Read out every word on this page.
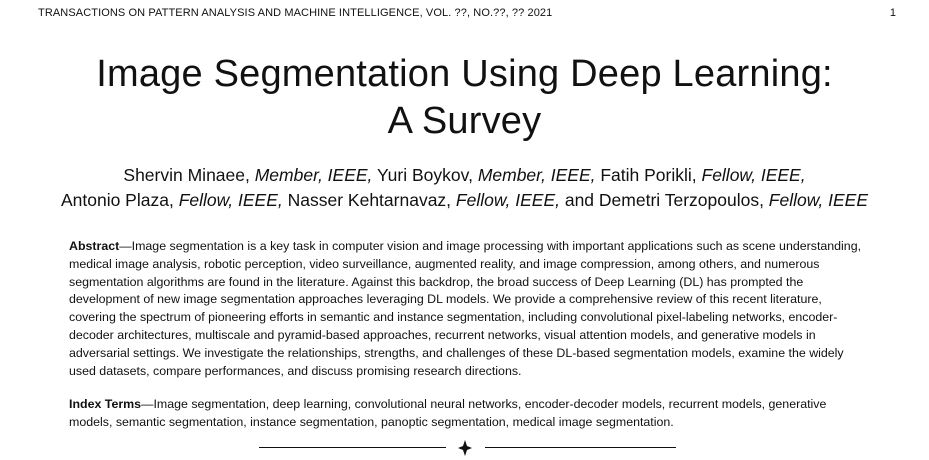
TRANSACTIONS ON PATTERN ANALYSIS AND MACHINE INTELLIGENCE, VOL. ??, NO.??, ?? 2021	1
Image Segmentation Using Deep Learning:
A Survey
Shervin Minaee, Member, IEEE, Yuri Boykov, Member, IEEE, Fatih Porikli, Fellow, IEEE,
Antonio Plaza, Fellow, IEEE, Nasser Kehtarnavaz, Fellow, IEEE, and Demetri Terzopoulos, Fellow, IEEE

Abstract—Image segmentation is a key task in computer vision and image processing with important applications such as scene understanding, medical image analysis, robotic perception, video surveillance, augmented reality, and image compression, among others, and numerous segmentation algorithms are found in the literature. Against this backdrop, the broad success of Deep Learning (DL) has prompted the development of new image segmentation approaches leveraging DL models. We provide a comprehensive review of this recent literature, covering the spectrum of pioneering efforts in semantic and instance segmentation, including convolutional pixel-labeling networks, encoder-decoder architectures, multiscale and pyramid-based approaches, recurrent networks, visual attention models, and generative models in adversarial settings. We investigate the relationships, strengths, and challenges of these DL-based segmentation models, examine the widely used datasets, compare performances, and discuss promising research directions.

Index Terms—Image segmentation, deep learning, convolutional neural networks, encoder-decoder models, recurrent models, generative models, semantic segmentation, instance segmentation, panoptic segmentation, medical image segmentation.
